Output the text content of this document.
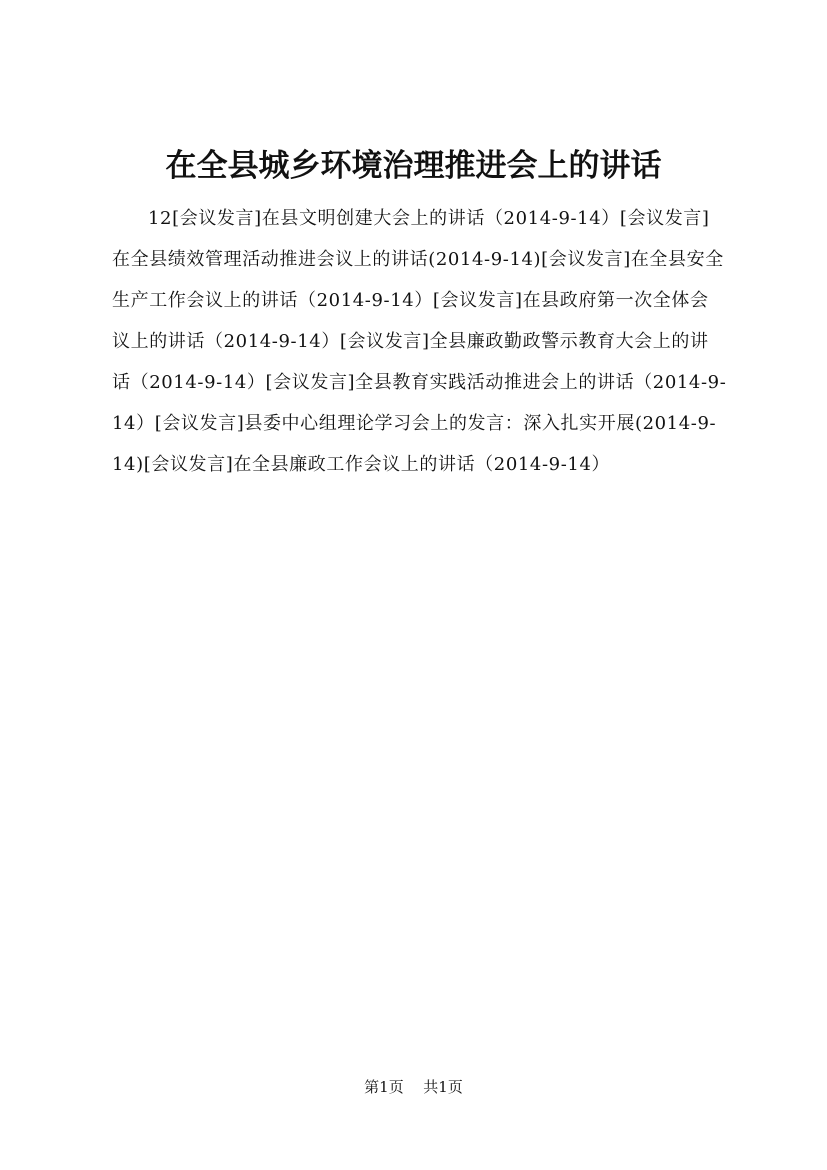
在全县城乡环境治理推进会上的讲话
12[会议发言]在县文明创建大会上的讲话（2014-9-14）[会议发言]在全县绩效管理活动推进会议上的讲话(2014-9-14)[会议发言]在全县安全生产工作会议上的讲话（2014-9-14）[会议发言]在县政府第一次全体会议上的讲话（2014-9-14）[会议发言]全县廉政勤政警示教育大会上的讲话（2014-9-14）[会议发言]全县教育实践活动推进会上的讲话（2014-9-14）[会议发言]县委中心组理论学习会上的发言：深入扎实开展(2014-9-14)[会议发言]在全县廉政工作会议上的讲话（2014-9-14）
第1页 共1页
